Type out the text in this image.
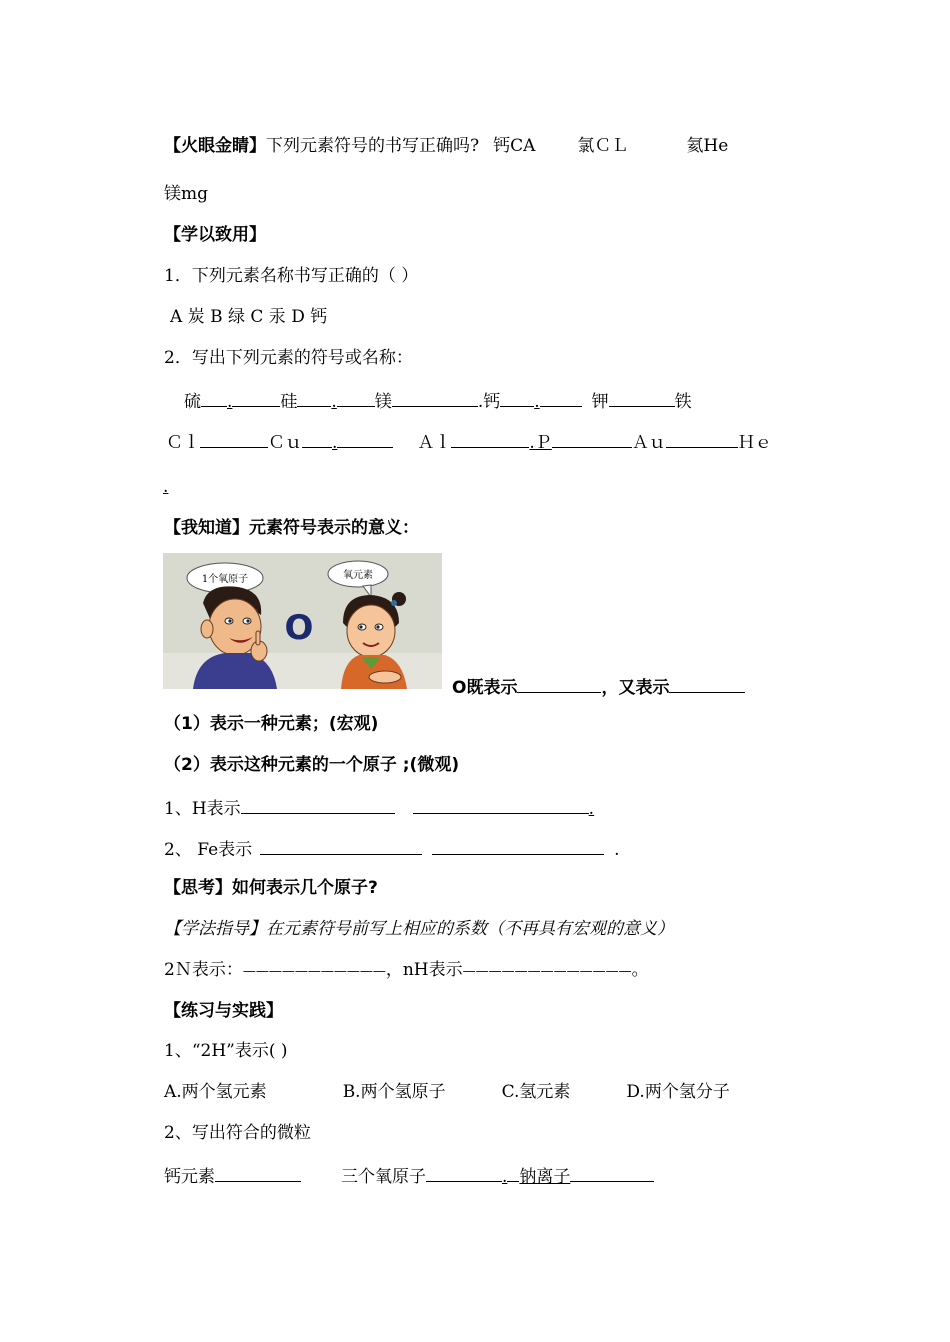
【火眼金睛】下列元素符号的书写正确吗? 钙CA 氯ＣＬ	氦He
镁mg
【学以致用】
1．下列元素名称书写正确的（ ）
A 炭 B 绿 C 汞 D 钙
2．写出下列元素的符号或名称：
硫 .	硅 . 镁	.钙 .	钾	铁
Ｃｌ	Ｃｕ .	Ａｌ	.Ｐ	Ａｕ	Ｈｅ
.
【我知道】元素符号表示的意义：
1个氧原子	氧元素
O
O既表示	，又表示
（1）表示一种元素；(宏观)
（2）表示这种元素的一个原子 ;(微观)
1、H表示	.
2、 Fe表示	.
【思考】如何表示几个原子?
【学法指导】在元素符号前写上相应的系数（不再具有宏观的意义）
2Ｎ表示：———————————，nH表示—————————————。
【练习与实践】
1、“2H”表示( )
A.两个氢元素	B.两个氢原子	C.氢元素	D.两个氢分子
2、写出符合的微粒
钙元素	三个氧原子	. 钠离子
